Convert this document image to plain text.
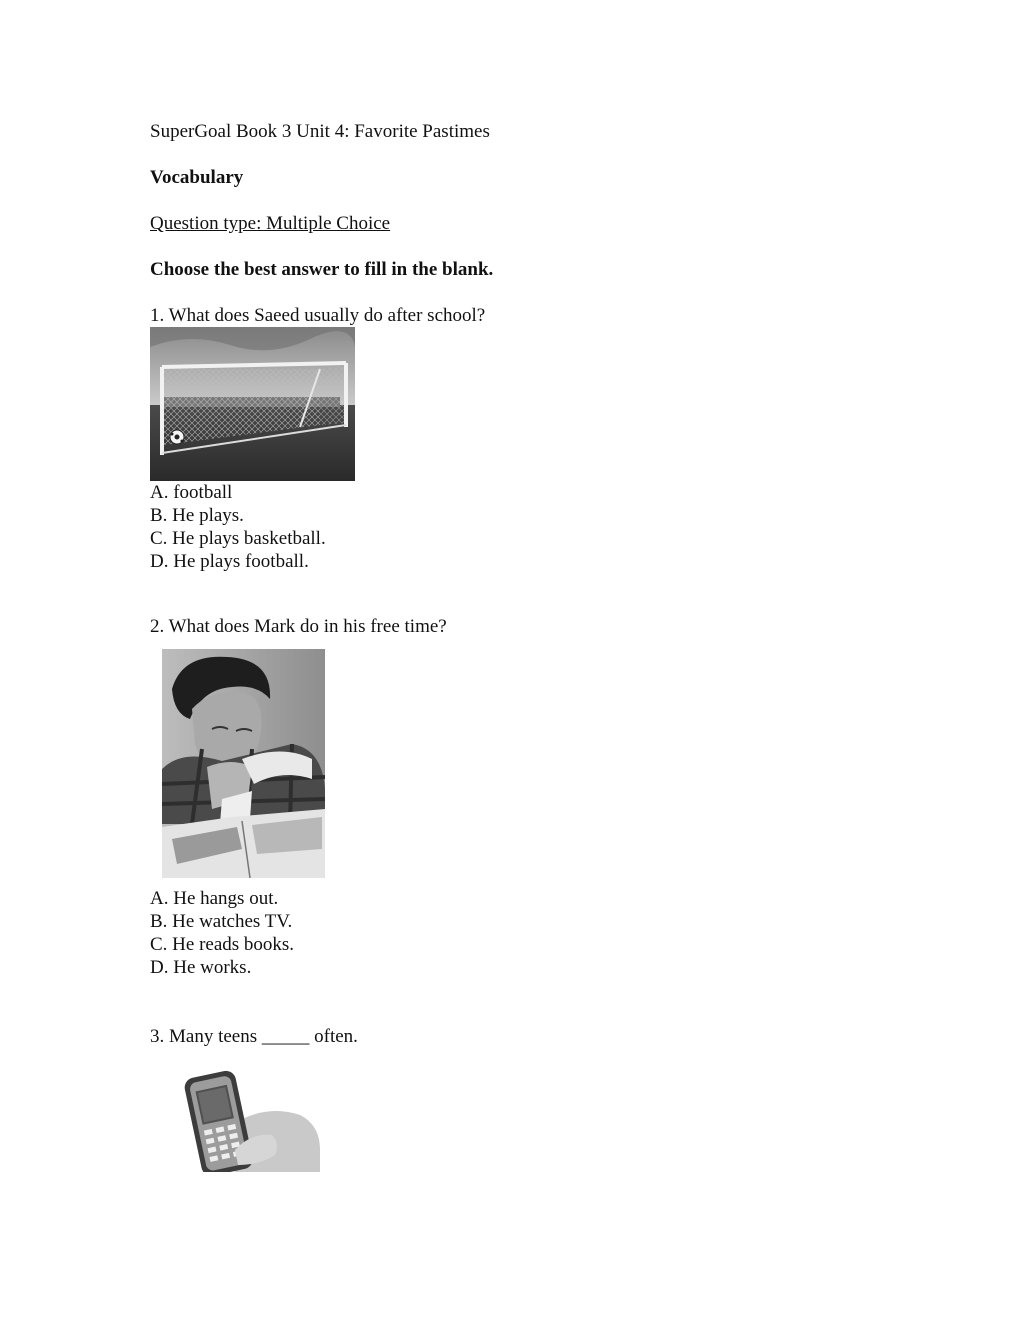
SuperGoal Book 3 Unit 4: Favorite Pastimes
Vocabulary
Question type: Multiple Choice
Choose the best answer to fill in the blank.
1. What does Saeed usually do after school?
A. football
B. He plays.
C. He plays basketball.
D. He plays football.
2. What does Mark do in his free time?
A. He hangs out.
B. He watches TV.
C. He reads books.
D. He works.
3. Many teens _____ often.
